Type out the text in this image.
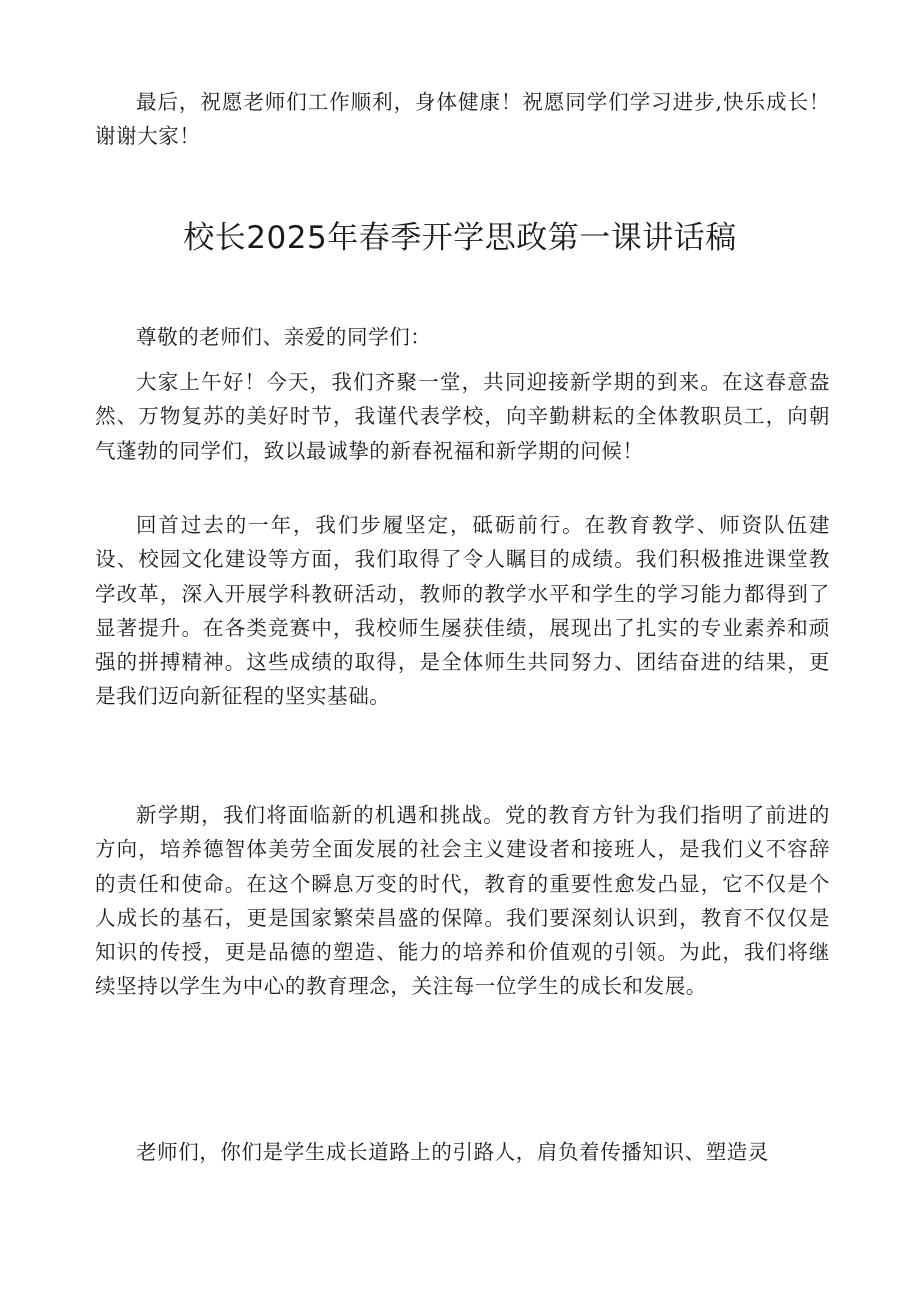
最后，祝愿老师们工作顺利，身体健康！祝愿同学们学习进步,快乐成长！谢谢大家！

校长2025年春季开学思政第一课讲话稿

尊敬的老师们、亲爱的同学们：

大家上午好！今天，我们齐聚一堂，共同迎接新学期的到来。在这春意盎然、万物复苏的美好时节，我谨代表学校，向辛勤耕耘的全体教职员工，向朝气蓬勃的同学们，致以最诚挚的新春祝福和新学期的问候！

回首过去的一年，我们步履坚定，砥砺前行。在教育教学、师资队伍建设、校园文化建设等方面，我们取得了令人瞩目的成绩。我们积极推进课堂教学改革，深入开展学科教研活动，教师的教学水平和学生的学习能力都得到了显著提升。在各类竞赛中，我校师生屡获佳绩，展现出了扎实的专业素养和顽强的拼搏精神。这些成绩的取得，是全体师生共同努力、团结奋进的结果，更是我们迈向新征程的坚实基础。

新学期，我们将面临新的机遇和挑战。党的教育方针为我们指明了前进的方向，培养德智体美劳全面发展的社会主义建设者和接班人，是我们义不容辞的责任和使命。在这个瞬息万变的时代，教育的重要性愈发凸显，它不仅是个人成长的基石，更是国家繁荣昌盛的保障。我们要深刻认识到，教育不仅仅是知识的传授，更是品德的塑造、能力的培养和价值观的引领。为此，我们将继续坚持以学生为中心的教育理念，关注每一位学生的成长和发展。

老师们，你们是学生成长道路上的引路人，肩负着传播知识、塑造灵
